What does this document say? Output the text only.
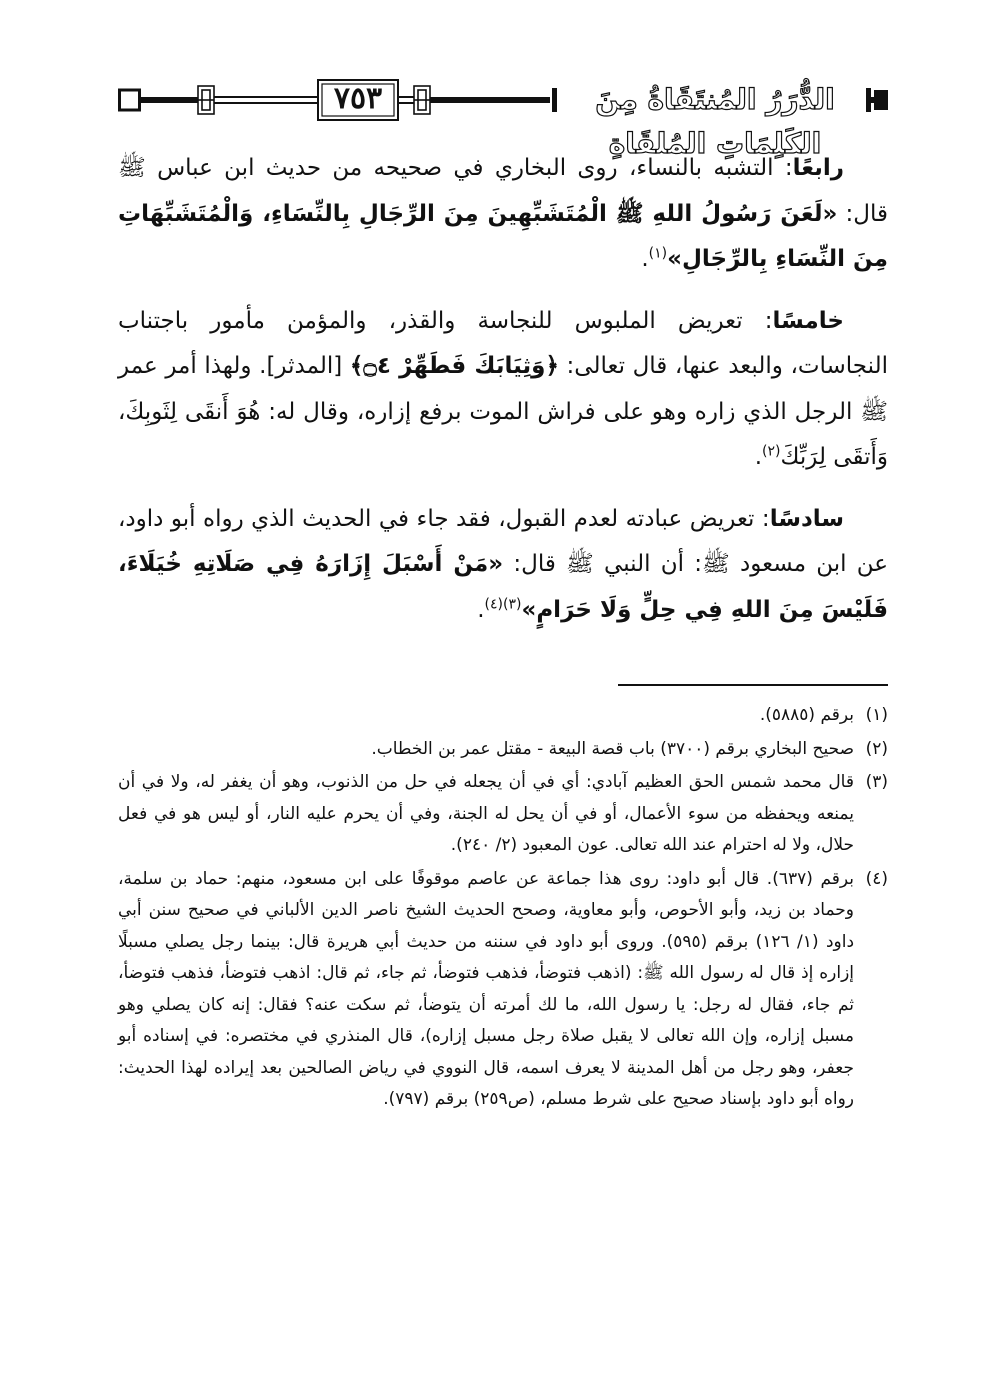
٧٥٣	الدُّرَرُ المُنتَقَاةُ مِنَ الكَلِمَاتِ المُلقَاةِ

رابعًا: التشبه بالنساء، روى البخاري في صحيحه من حديث ابن عباس ﷺ قال: «لَعَنَ رَسُولُ اللهِ ﷺ الْمُتَشَبِّهِينَ مِنَ الرِّجَالِ بِالنِّسَاءِ، وَالْمُتَشَبِّهَاتِ مِنَ النِّسَاءِ بِالرِّجَالِ»$^{(١)}$.

خامسًا: تعريض الملبوس للنجاسة والقذر، والمؤمن مأمور باجتناب النجاسات، والبعد عنها، قال تعالى: ﴿وَثِيَابَكَ فَطَهِّرْ ۝٤﴾ [المدثر]. ولهذا أمر عمر ﷺ الرجل الذي زاره وهو على فراش الموت برفع إزاره، وقال له: هُوَ أَنقَى لِثَوبِكَ، وَأَتقَى لِرَبِّكَ$^{(٢)}$.

سادسًا: تعريض عبادته لعدم القبول، فقد جاء في الحديث الذي رواه أبو داود، عن ابن مسعود ﷺ: أن النبي ﷺ قال: «مَنْ أَسْبَلَ إِزَارَهُ فِي صَلَاتِهِ خُيَلَاءَ، فَلَيْسَ مِنَ اللهِ فِي حِلٍّ وَلَا حَرَامٍ»$^{(٣)(٤)}$.

(١)
برقم (٥٨٨٥).
(٢)
صحيح البخاري برقم (٣٧٠٠) باب قصة البيعة - مقتل عمر بن الخطاب.
(٣)
قال محمد شمس الحق العظيم آبادي: أي في أن يجعله في حل من الذنوب، وهو أن يغفر له، ولا في أن يمنعه ويحفظه من سوء الأعمال، أو في أن يحل له الجنة، وفي أن يحرم عليه النار، أو ليس هو في فعل حلال، ولا له احترام عند الله تعالى. عون المعبود (٢/ ٢٤٠).
(٤)
برقم (٦٣٧). قال أبو داود: روى هذا جماعة عن عاصم موقوفًا على ابن مسعود، منهم: حماد بن سلمة، وحماد بن زيد، وأبو الأحوص، وأبو معاوية، وصحح الحديث الشيخ ناصر الدين الألباني في صحيح سنن أبي داود (١/ ١٢٦) برقم (٥٩٥). وروى أبو داود في سننه من حديث أبي هريرة قال: بينما رجل يصلي مسبلًا إزاره إذ قال له رسول الله ﷺ: (اذهب فتوضأ، فذهب فتوضأ، ثم جاء، ثم قال: اذهب فتوضأ، فذهب فتوضأ، ثم جاء، فقال له رجل: يا رسول الله، ما لك أمرته أن يتوضأ، ثم سكت عنه؟ فقال: إنه كان يصلي وهو مسبل إزاره، وإن الله تعالى لا يقبل صلاة رجل مسبل إزاره)، قال المنذري في مختصره: في إسناده أبو جعفر، وهو رجل من أهل المدينة لا يعرف اسمه، قال النووي في رياض الصالحين بعد إيراده لهذا الحديث: رواه أبو داود بإسناد صحيح على شرط مسلم، (ص٢٥٩) برقم (٧٩٧).
